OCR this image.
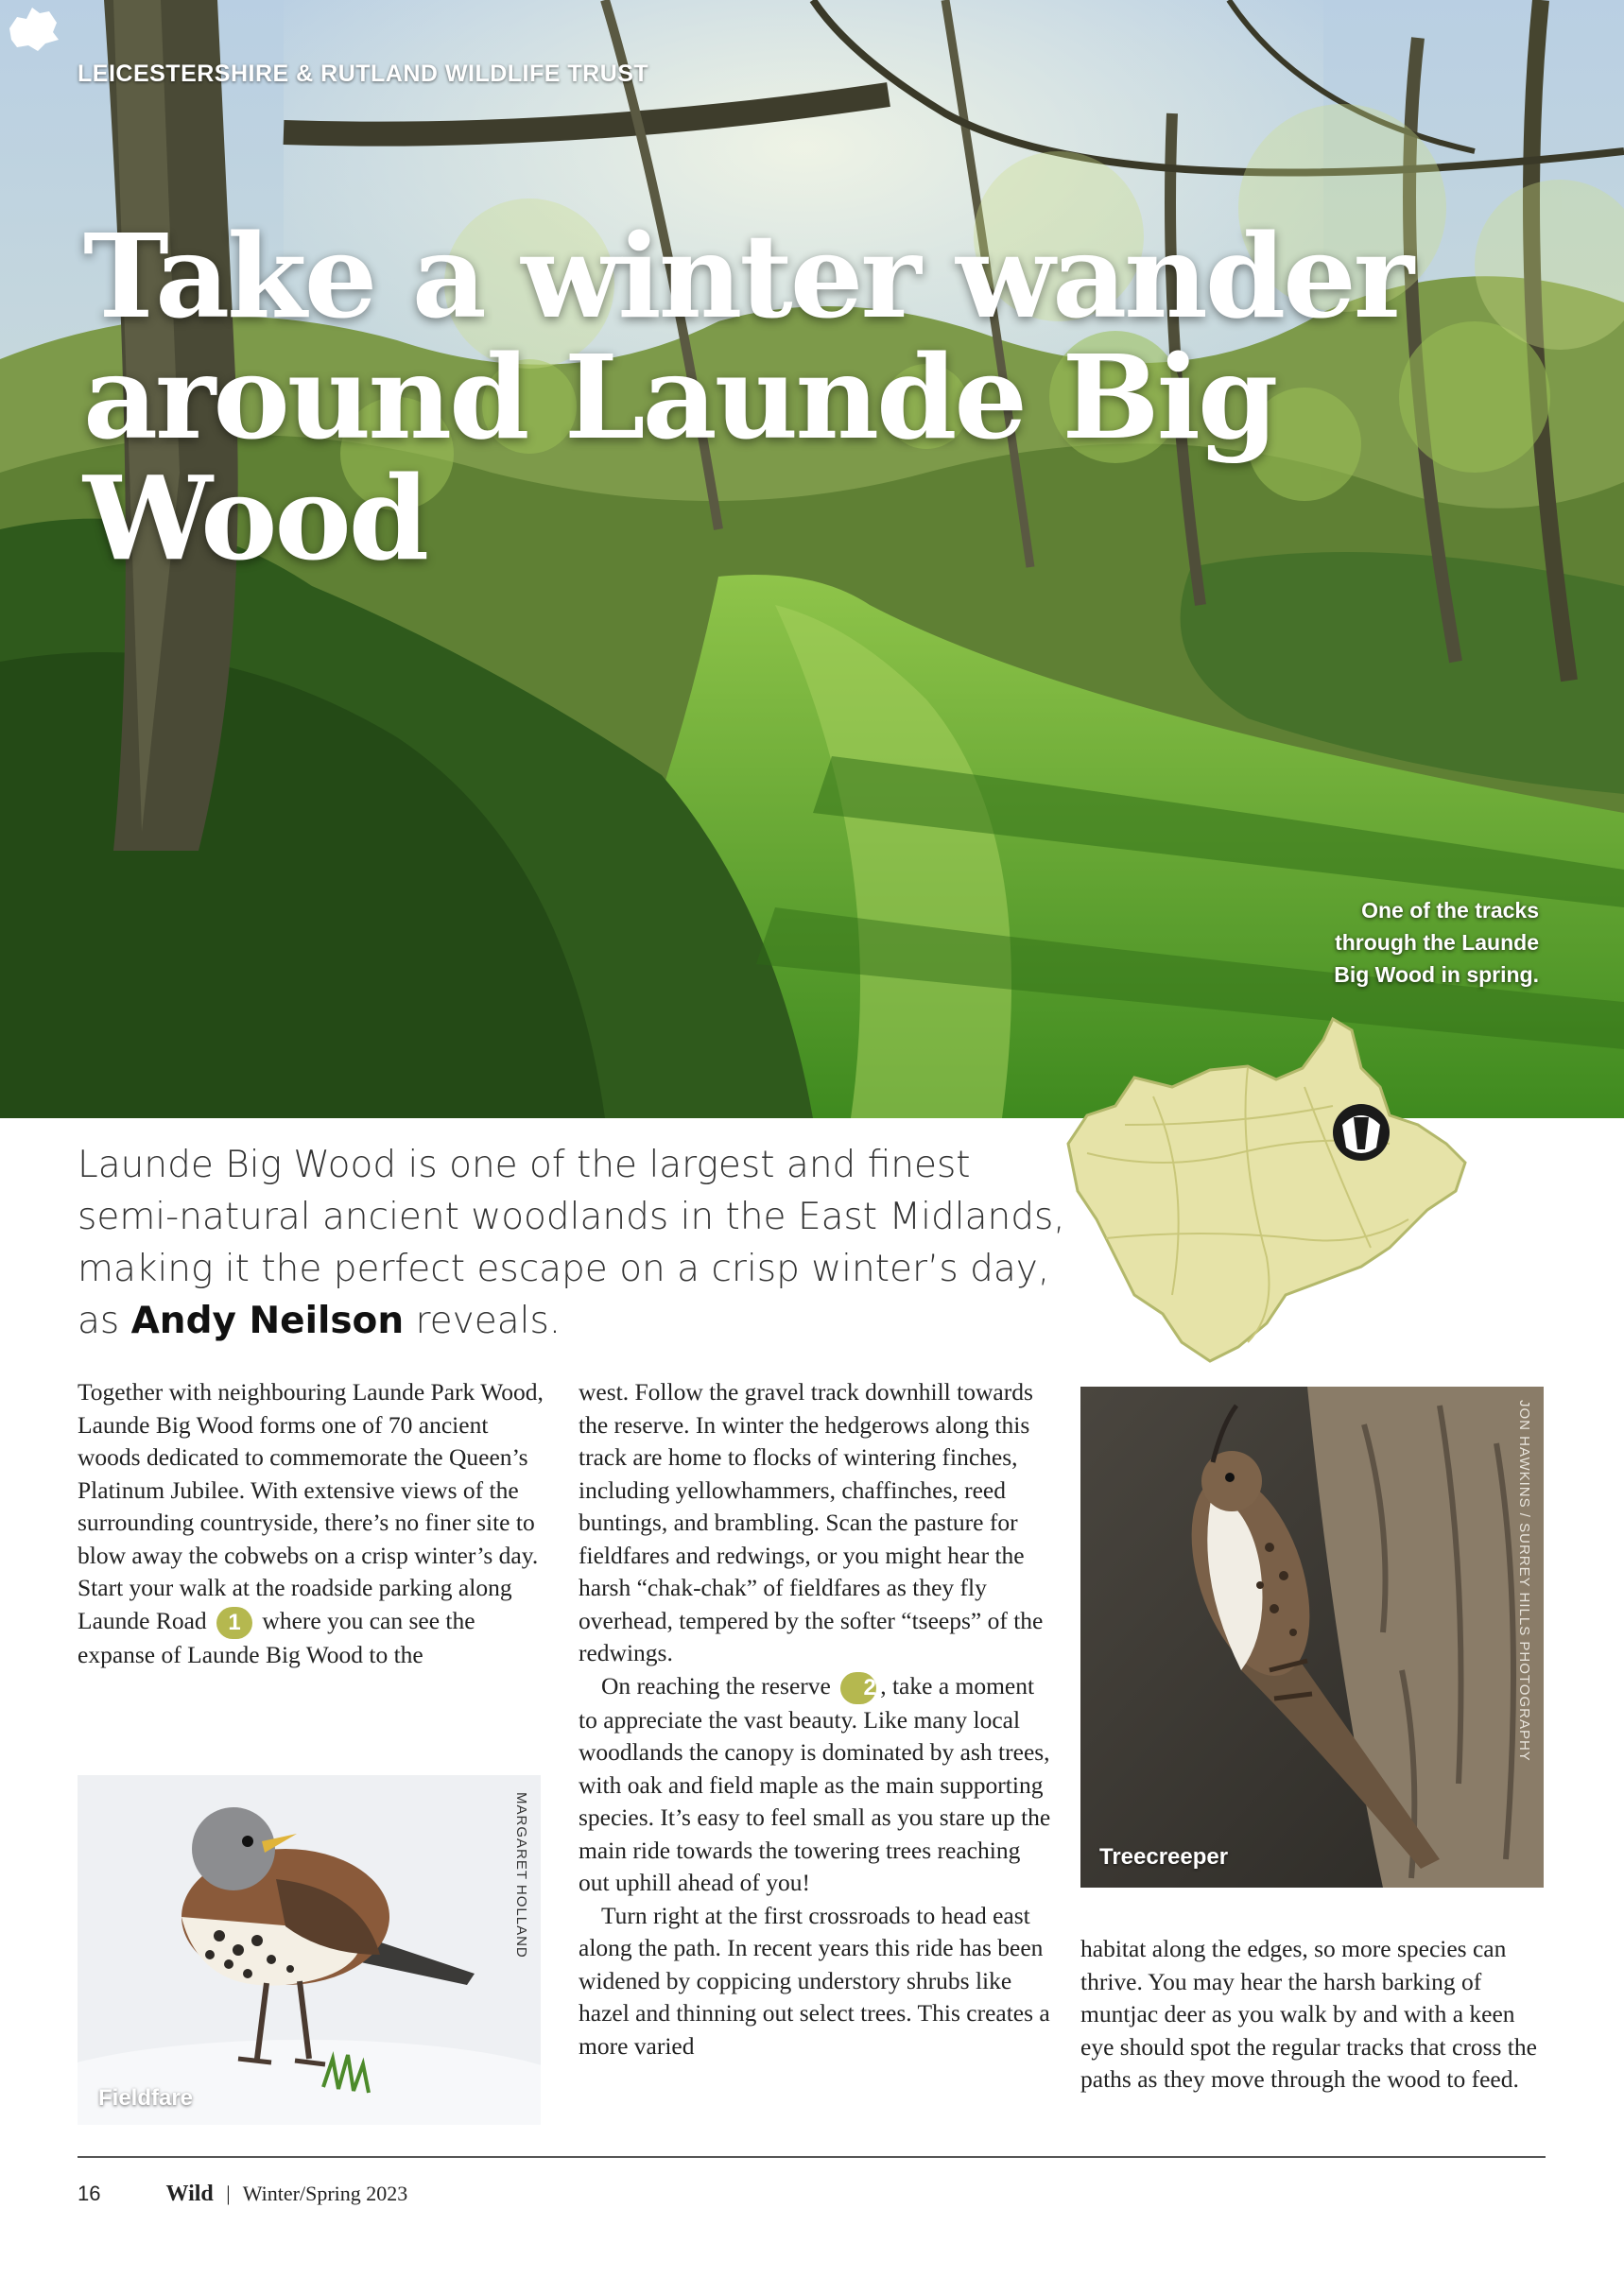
LEICESTERSHIRE & RUTLAND WILDLIFE TRUST
Take a winter wander
around Launde Big Wood
One of the tracks
through the Launde
Big Wood in spring.

Launde Big Wood is one of the largest and finest semi-natural ancient woodlands in the East Midlands, making it the perfect escape on a crisp winter’s day, as Andy Neilson reveals.

Together with neighbouring Launde Park Wood, Launde Big Wood forms one of 70 ancient woods dedicated to commemorate the Queen’s Platinum Jubilee. With extensive views of the surrounding countryside, there’s no finer site to blow away the cobwebs on a crisp winter’s day. Start your walk at the roadside parking along Launde Road 1 where you can see the expanse of Launde Big Wood to the

Fieldfare
MARGARET HOLLAND

west. Follow the gravel track downhill towards the reserve. In winter the hedgerows along this track are home to flocks of wintering finches, including yellowhammers, chaffinches, reed buntings, and brambling. Scan the pasture for fieldfares and redwings, or you might hear the harsh “chak-chak” of fieldfares as they fly overhead, tempered by the softer “tseeps” of the redwings.

On reaching the reserve 2 , take a moment to appreciate the vast beauty. Like many local woodlands the canopy is dominated by ash trees, with oak and field maple as the main supporting species. It’s easy to feel small as you stare up the main ride towards the towering trees reaching out uphill ahead of you!

Turn right at the first crossroads to head east along the path. In recent years this ride has been widened by coppicing understory shrubs like hazel and thinning out select trees. This creates a more varied

Treecreeper
JON HAWKINS / SURREY HILLS PHOTOGRAPHY

habitat along the edges, so more species can thrive. You may hear the harsh barking of muntjac deer as you walk by and with a keen eye should spot the regular tracks that cross the paths as they move through the wood to feed.

16	Wild | Winter/Spring 2023
